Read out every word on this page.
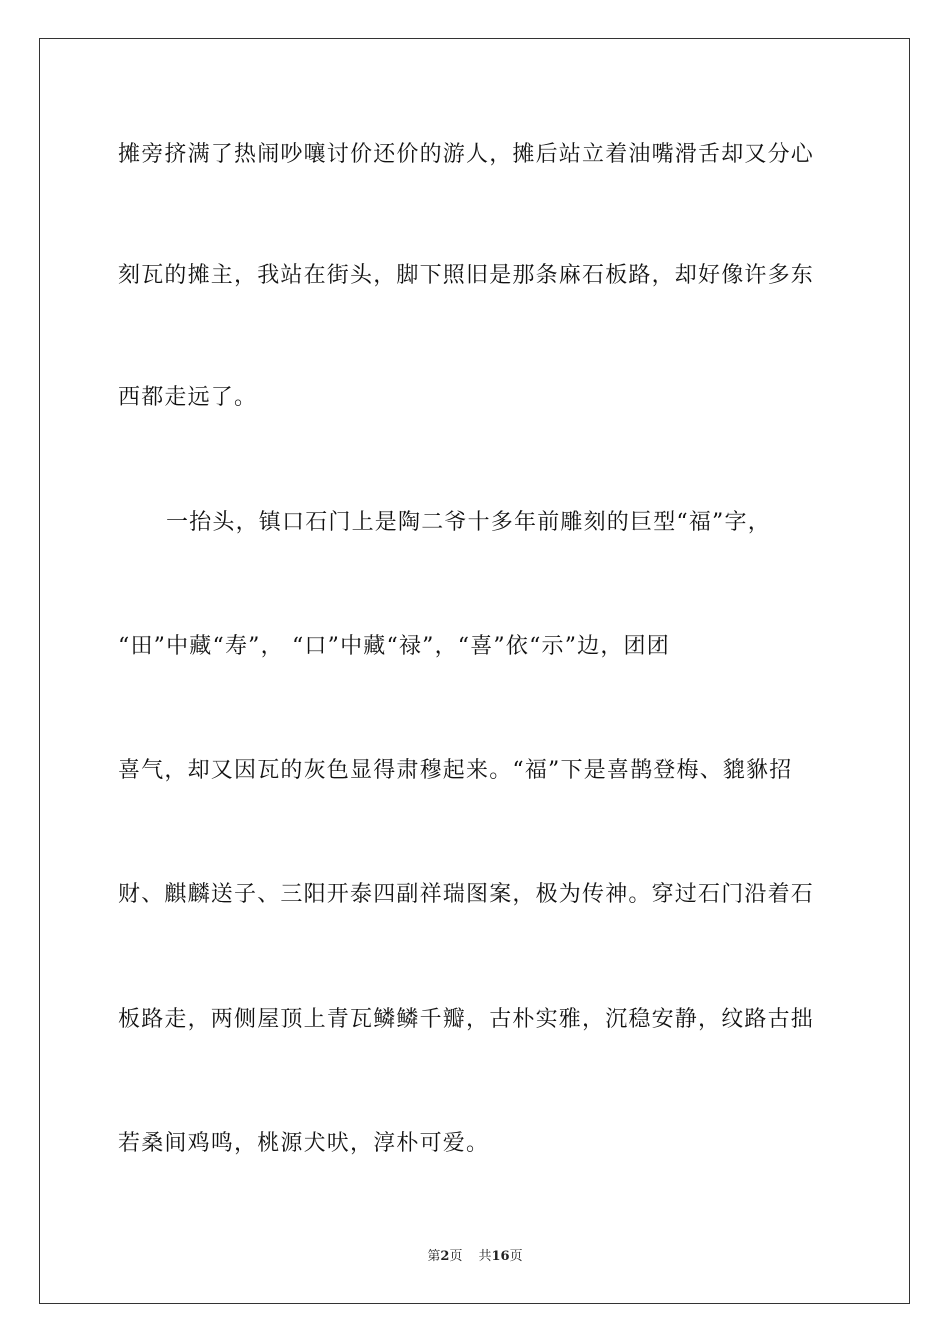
摊旁挤满了热闹吵嚷讨价还价的游人，摊后站立着油嘴滑舌却又分心
刻瓦的摊主，我站在街头，脚下照旧是那条麻石板路，却好像许多东
西都走远了。
一抬头，镇口石门上是陶二爷十多年前雕刻的巨型“福”字，
“田”中藏“寿”， “口”中藏“禄”，“喜”依“示”边，团团
喜气，却又因瓦的灰色显得肃穆起来。“福”下是喜鹊登梅、貔貅招
财、麒麟送子、三阳开泰四副祥瑞图案，极为传神。穿过石门沿着石
板路走，两侧屋顶上青瓦鳞鳞千瓣，古朴实雅，沉稳安静，纹路古拙
若桑间鸡鸣，桃源犬吠，淳朴可爱。
第2页 共16页
